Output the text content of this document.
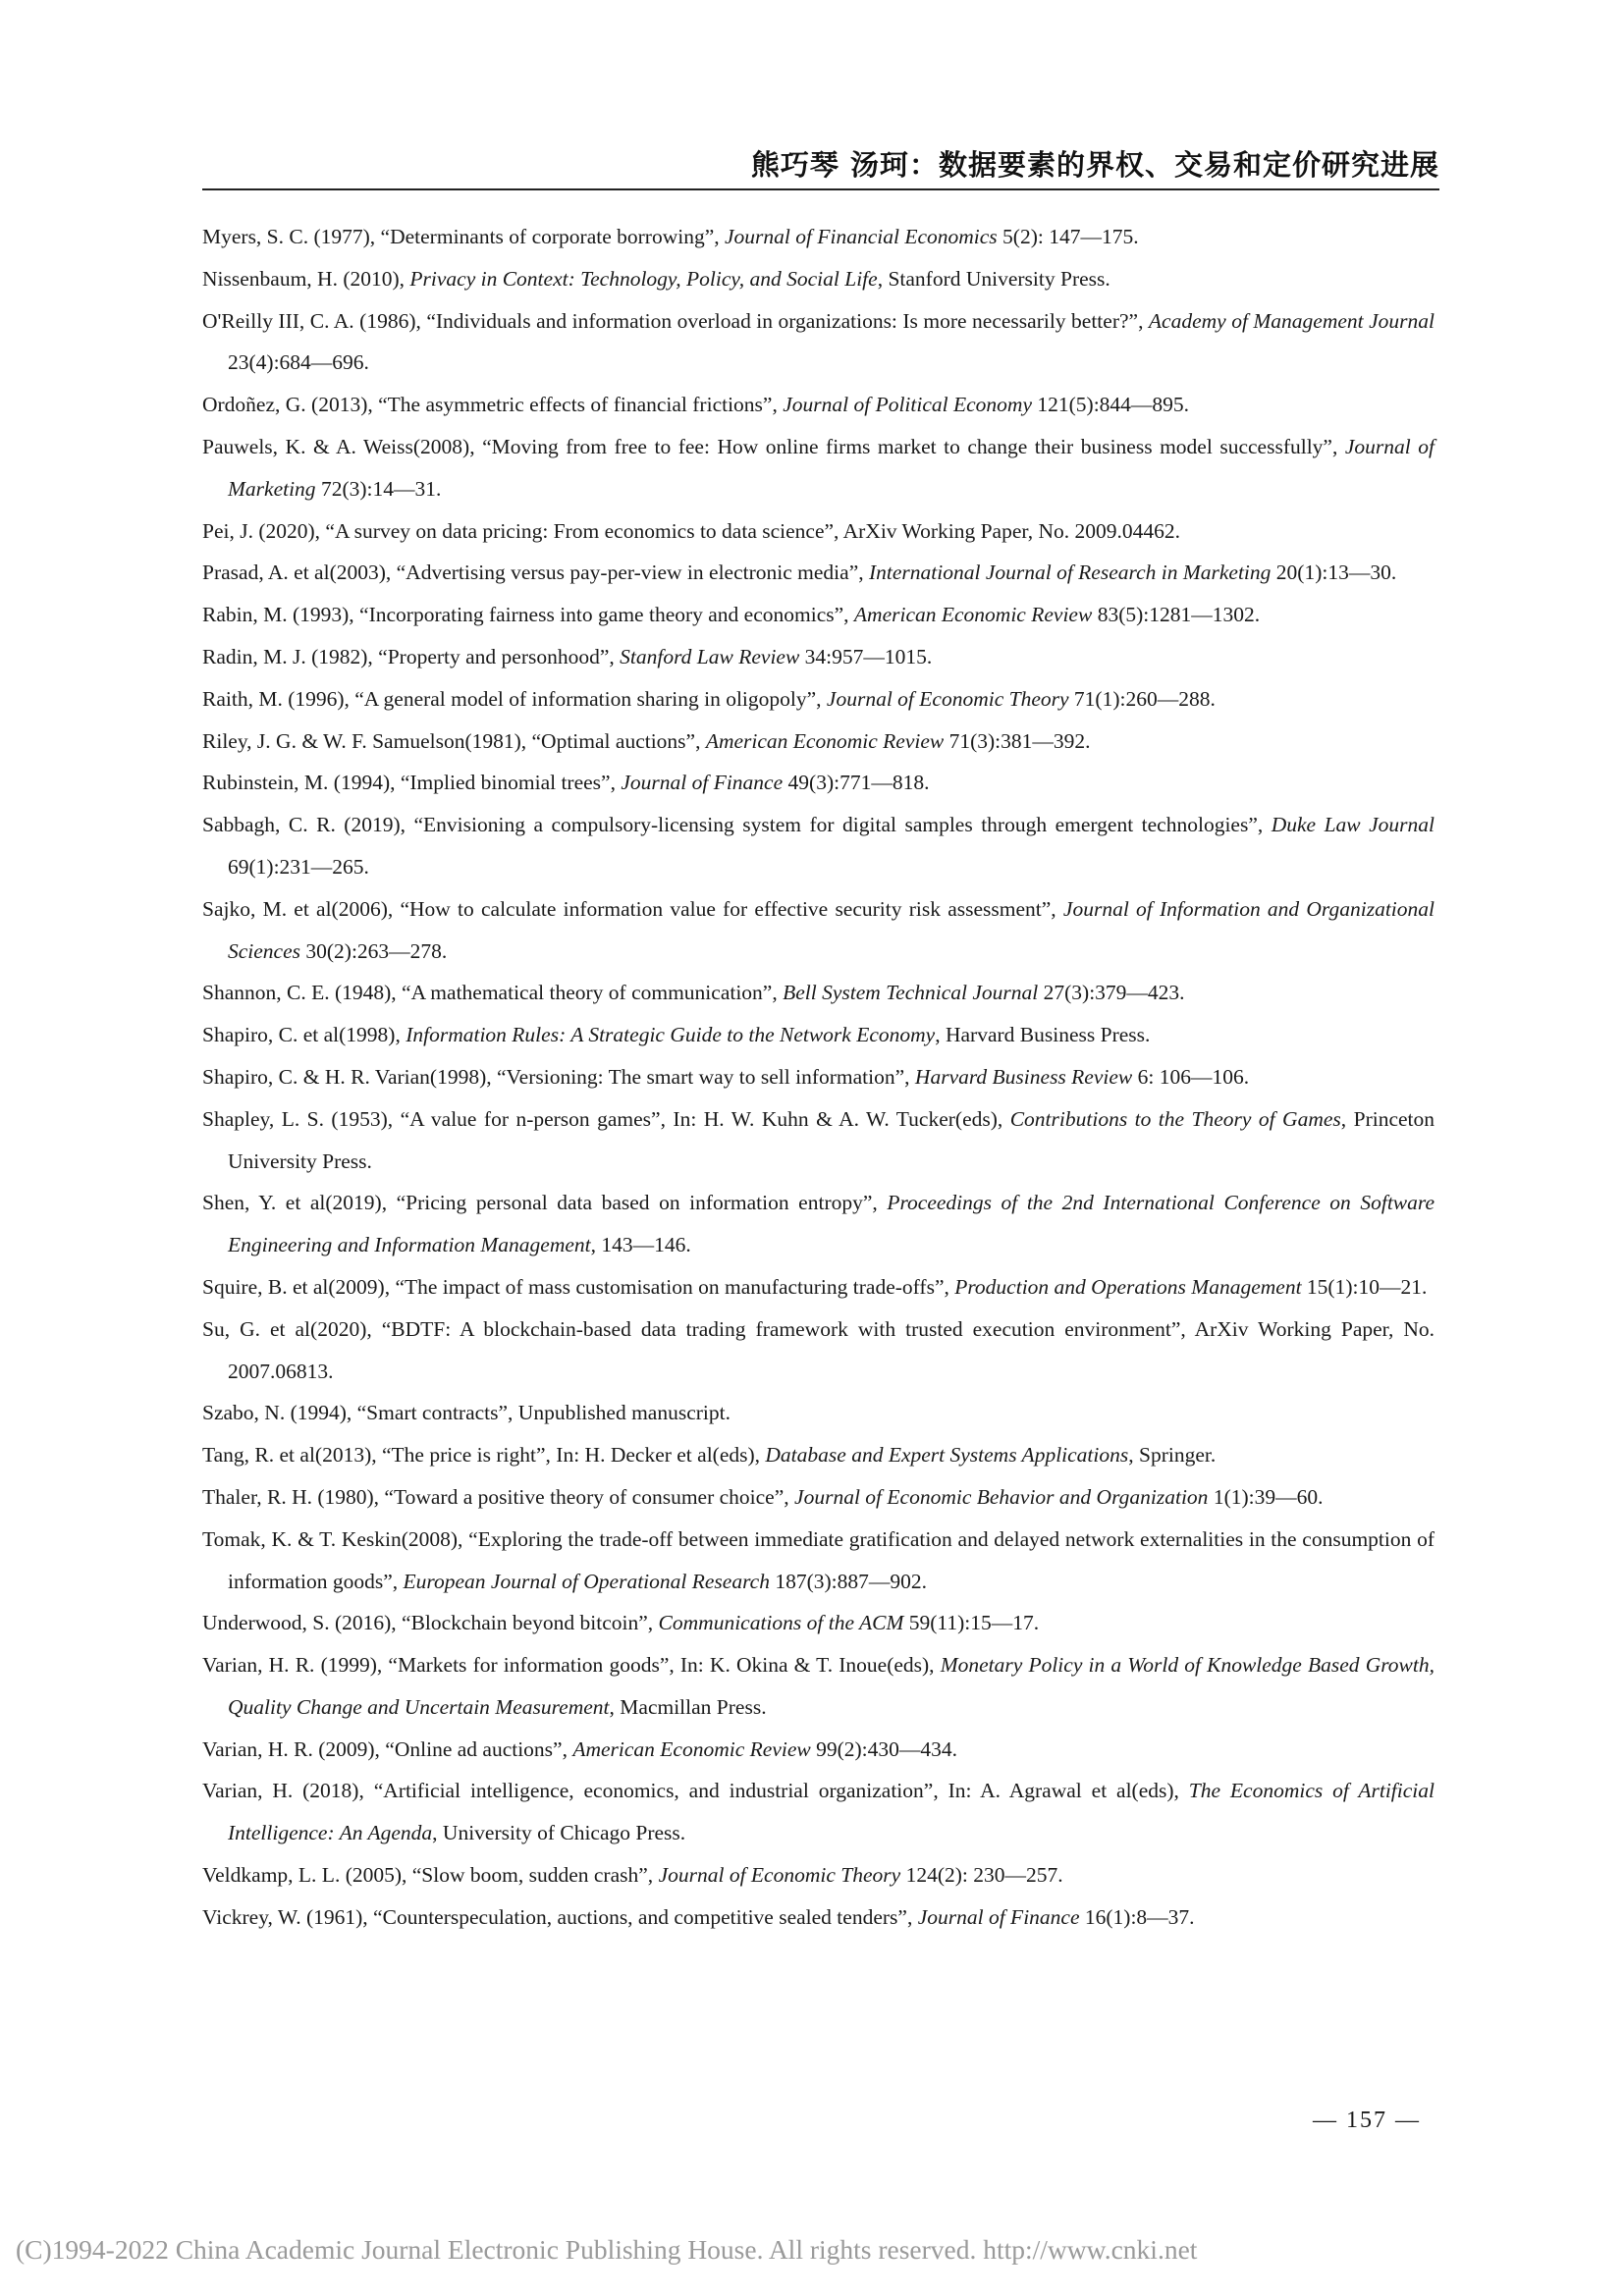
熊巧琴 汤珂：数据要素的界权、交易和定价研究进展
Myers, S. C. (1977), “Determinants of corporate borrowing”, Journal of Financial Economics 5(2): 147—175.
Nissenbaum, H. (2010), Privacy in Context: Technology, Policy, and Social Life, Stanford University Press.
O'Reilly III, C. A. (1986), “Individuals and information overload in organizations: Is more necessarily better?”, Academy of Management Journal 23(4):684—696.
Ordoñez, G. (2013), “The asymmetric effects of financial frictions”, Journal of Political Economy 121(5):844—895.
Pauwels, K. & A. Weiss(2008), “Moving from free to fee: How online firms market to change their business model successfully”, Journal of Marketing 72(3):14—31.
Pei, J. (2020), “A survey on data pricing: From economics to data science”, ArXiv Working Paper, No. 2009.04462.
Prasad, A. et al(2003), “Advertising versus pay-per-view in electronic media”, International Journal of Research in Marketing 20(1):13—30.
Rabin, M. (1993), “Incorporating fairness into game theory and economics”, American Economic Review 83(5):1281—1302.
Radin, M. J. (1982), “Property and personhood”, Stanford Law Review 34:957—1015.
Raith, M. (1996), “A general model of information sharing in oligopoly”, Journal of Economic Theory 71(1):260—288.
Riley, J. G. & W. F. Samuelson(1981), “Optimal auctions”, American Economic Review 71(3):381—392.
Rubinstein, M. (1994), “Implied binomial trees”, Journal of Finance 49(3):771—818.
Sabbagh, C. R. (2019), “Envisioning a compulsory-licensing system for digital samples through emergent technologies”, Duke Law Journal 69(1):231—265.
Sajko, M. et al(2006), “How to calculate information value for effective security risk assessment”, Journal of Information and Organizational Sciences 30(2):263—278.
Shannon, C. E. (1948), “A mathematical theory of communication”, Bell System Technical Journal 27(3):379—423.
Shapiro, C. et al(1998), Information Rules: A Strategic Guide to the Network Economy, Harvard Business Press.
Shapiro, C. & H. R. Varian(1998), “Versioning: The smart way to sell information”, Harvard Business Review 6: 106—106.
Shapley, L. S. (1953), “A value for n-person games”, In: H. W. Kuhn & A. W. Tucker(eds), Contributions to the Theory of Games, Princeton University Press.
Shen, Y. et al(2019), “Pricing personal data based on information entropy”, Proceedings of the 2nd International Conference on Software Engineering and Information Management, 143—146.
Squire, B. et al(2009), “The impact of mass customisation on manufacturing trade-offs”, Production and Operations Management 15(1):10—21.
Su, G. et al(2020), “BDTF: A blockchain-based data trading framework with trusted execution environment”, ArXiv Working Paper, No. 2007.06813.
Szabo, N. (1994), “Smart contracts”, Unpublished manuscript.
Tang, R. et al(2013), “The price is right”, In: H. Decker et al(eds), Database and Expert Systems Applications, Springer.
Thaler, R. H. (1980), “Toward a positive theory of consumer choice”, Journal of Economic Behavior and Organization 1(1):39—60.
Tomak, K. & T. Keskin(2008), “Exploring the trade-off between immediate gratification and delayed network externalities in the consumption of information goods”, European Journal of Operational Research 187(3):887—902.
Underwood, S. (2016), “Blockchain beyond bitcoin”, Communications of the ACM 59(11):15—17.
Varian, H. R. (1999), “Markets for information goods”, In: K. Okina & T. Inoue(eds), Monetary Policy in a World of Knowledge Based Growth, Quality Change and Uncertain Measurement, Macmillan Press.
Varian, H. R. (2009), “Online ad auctions”, American Economic Review 99(2):430—434.
Varian, H. (2018), “Artificial intelligence, economics, and industrial organization”, In: A. Agrawal et al(eds), The Economics of Artificial Intelligence: An Agenda, University of Chicago Press.
Veldkamp, L. L. (2005), “Slow boom, sudden crash”, Journal of Economic Theory 124(2): 230—257.
Vickrey, W. (1961), “Counterspeculation, auctions, and competitive sealed tenders”, Journal of Finance 16(1):8—37.
— 157 —
(C)1994-2022 China Academic Journal Electronic Publishing House. All rights reserved. http://www.cnki.net
